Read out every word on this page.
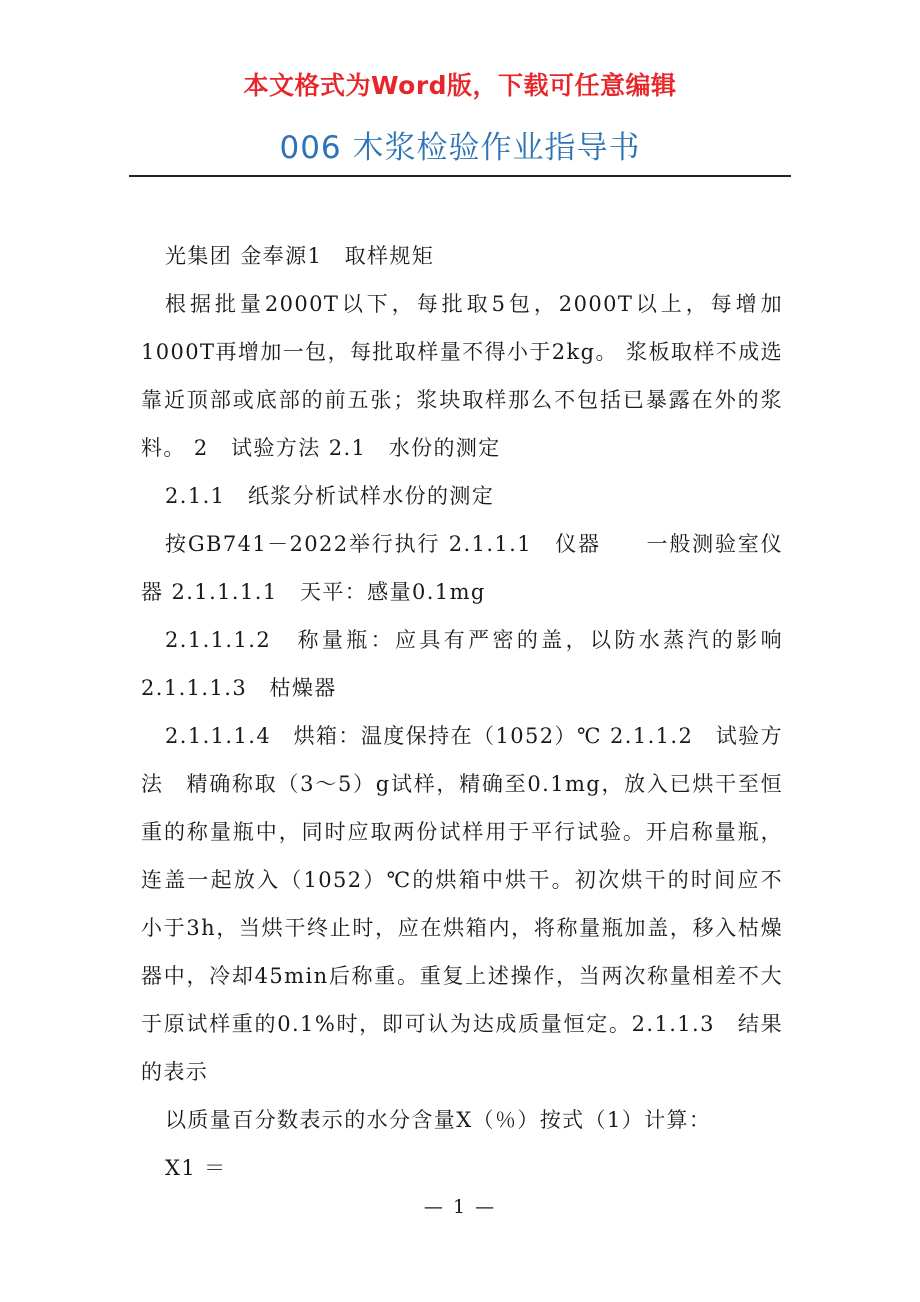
本文格式为Word版，下载可任意编辑
006 木浆检验作业指导书

光集团 金奉源1　取样规矩

根据批量2000T以下，每批取5包，2000T以上，每增加1000T再增加一包，每批取样量不得小于2kg。 浆板取样不成选靠近顶部或底部的前五张；浆块取样那么不包括已暴露在外的浆料。 2　试验方法 2.1　水份的测定

2.1.1　纸浆分析试样水份的测定

按GB741－2022举行执行 2.1.1.1　仪器　　一般测验室仪器 2.1.1.1.1　天平：感量0.1mg

2.1.1.1.2　称量瓶：应具有严密的盖，以防水蒸汽的影响 2.1.1.1.3　枯燥器

2.1.1.1.4　烘箱：温度保持在（1052）℃ 2.1.1.2　试验方法　精确称取（3～5）g试样，精确至0.1mg，放入已烘干至恒重的称量瓶中，同时应取两份试样用于平行试验。开启称量瓶，连盖一起放入（1052）℃的烘箱中烘干。初次烘干的时间应不小于3h，当烘干终止时，应在烘箱内，将称量瓶加盖，移入枯燥器中，冷却45min后称重。重复上述操作，当两次称量相差不大于原试样重的0.1%时，即可认为达成质量恒定。2.1.1.3　结果的表示

以质量百分数表示的水分含量X（％）按式（1）计算：

X1 ＝

— 1 —
